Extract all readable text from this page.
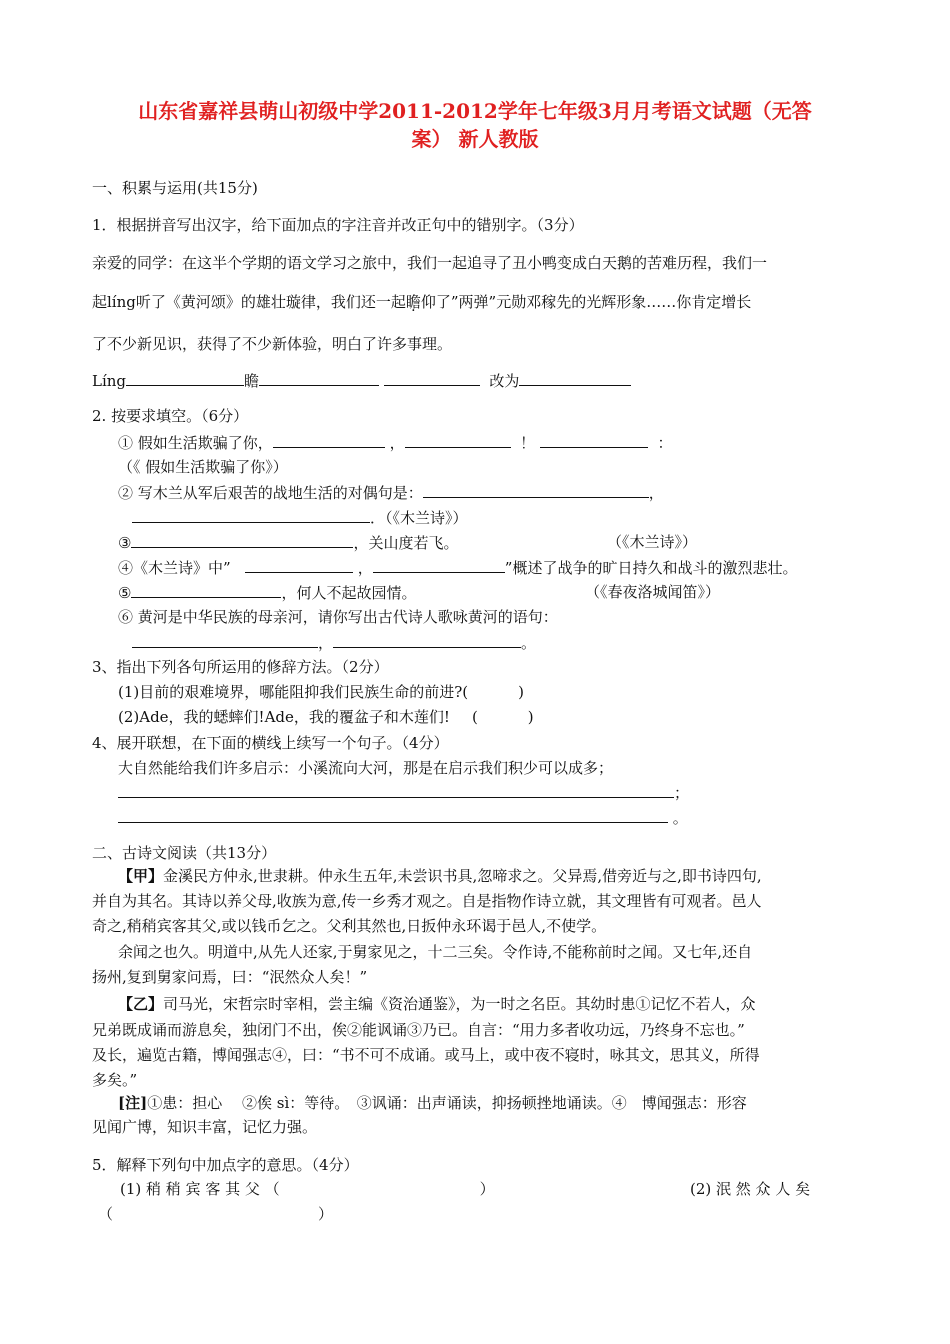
山东省嘉祥县萌山初级中学2011-2012学年七年级3月月考语文试题（无答
案） 新人教版
一、积累与运用(共15分)
1．根据拼音写出汉字，给下面加点的字注音并改正句中的错别字。（3分）
亲爱的同学：在这半个学期的语文学习之旅中，我们一起追寻了丑小鸭变成白天鹅的苦难历程，我们一
起líng听了《黄河颂》的雄壮璇律，我们还一起瞻仰了”两弹”元勋邓稼先的光辉形象……你肯定增长
了不少新见识，获得了不少新体验，明白了许多事理。
Líng	瞻	改为
2. 按要求填空。（6分）
① 假如生活欺骗了你，	，	！	：
（《 假如生活欺骗了你》）
② 写木兰从军后艰苦的战地生活的对偶句是：	，
．（《木兰诗》）
③	，关山度若飞。	（《木兰诗》）
④《木兰诗》中”	，	”概述了战争的旷日持久和战斗的激烈悲壮。
⑤	，何人不起故园情。	（《春夜洛城闻笛》）
⑥ 黄河是中华民族的母亲河，请你写出古代诗人歌咏黄河的语句：
，	。
3、指出下列各句所运用的修辞方法。（2分）
(1)目前的艰难境界，哪能阻抑我们民族生命的前进?(	)
(2)Ade，我的蟋蟀们!Ade，我的覆盆子和木莲们! (	)
4、展开联想，在下面的横线上续写一个句子。（4分）
大自然能给我们许多启示：小溪流向大河，那是在启示我们积少可以成多；
；
。
二、古诗文阅读（共13分）
【甲】金溪民方仲永,世隶耕。仲永生五年,未尝识书具,忽啼求之。父异焉,借旁近与之,即书诗四句,
并自为其名。其诗以养父母,收族为意,传一乡秀才观之。自是指物作诗立就，其文理皆有可观者。邑人
奇之,稍稍宾客其父,或以钱币乞之。父利其然也,日扳仲永环谒于邑人,不使学。
余闻之也久。明道中,从先人还家,于舅家见之，十二三矣。令作诗,不能称前时之闻。又七年,还自
扬州,复到舅家问焉，曰：“泯然众人矣！”
【乙】司马光，宋哲宗时宰相，尝主编《资治通鉴》，为一时之名臣。其幼时患①记忆不若人，众
兄弟既成诵而游息矣，独闭门不出，俟②能讽诵③乃已。自言：“用力多者收功远，乃终身不忘也。”
及长，遍览古籍，博闻强志④，曰：“书不可不成诵。或马上，或中夜不寝时，咏其文，思其义，所得
多矣。”
[注]①患：担心　 ②俟 sì：等待。　③讽诵：出声诵读，抑扬顿挫地诵读。④　博闻强志：形容
见闻广博，知识丰富，记忆力强。
5．解释下列句中加点字的意思。（4分）
(1) 稍 稍 宾 客 其 父 （	）	(2) 泯 然 众 人 矣
（	）
